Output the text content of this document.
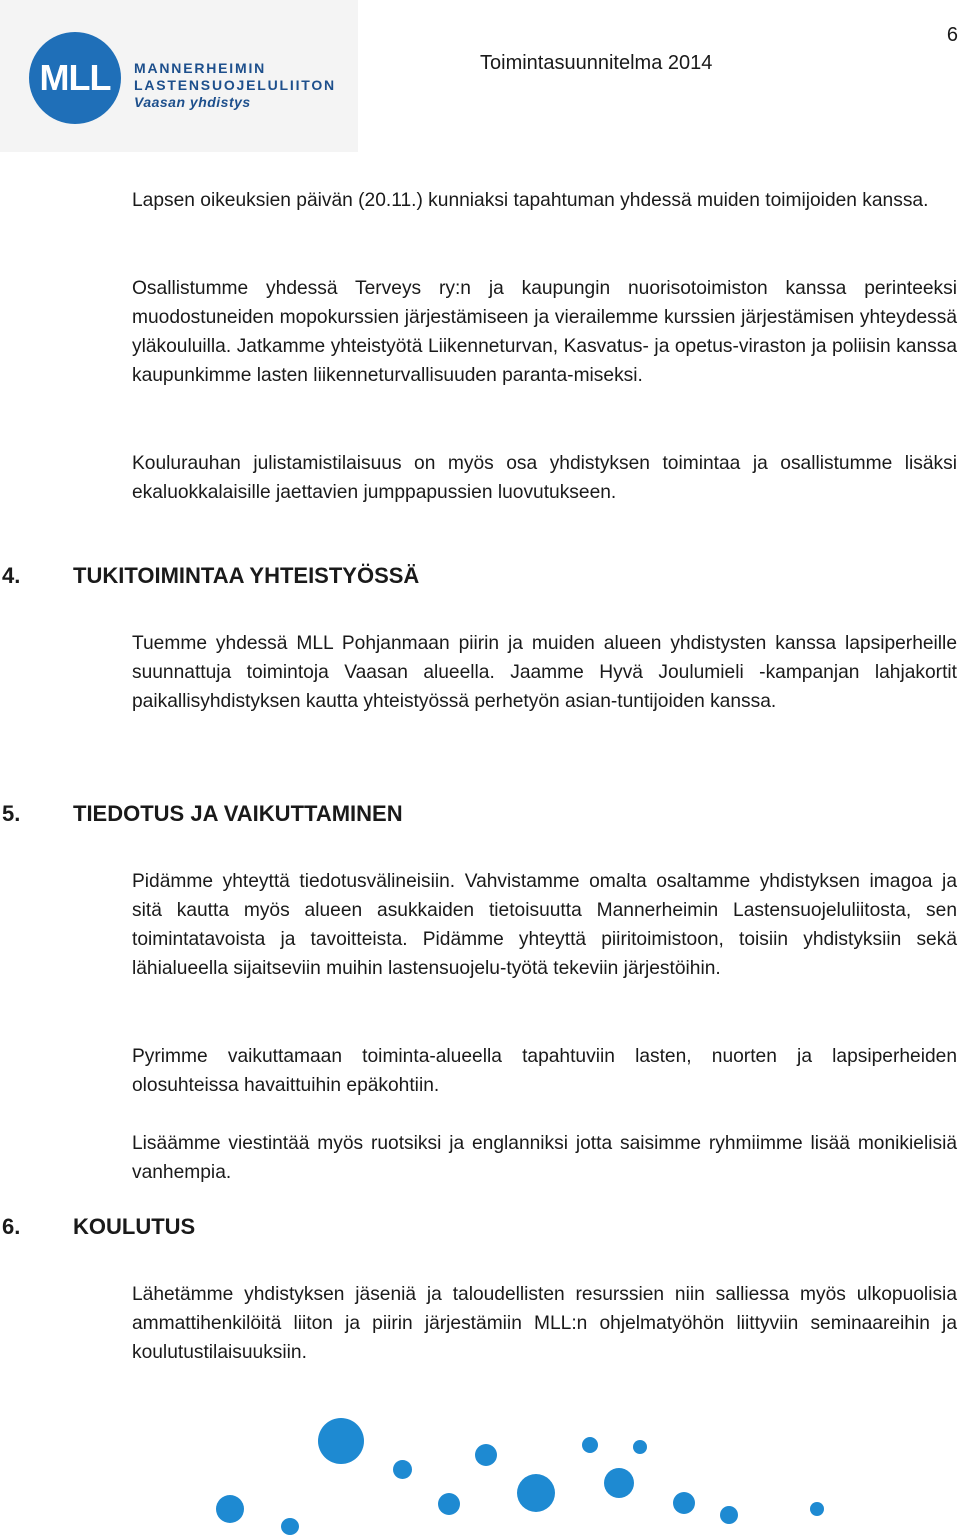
MLL	MANNERHEIMIN
LASTENSUOJELULIITON
Vaasan yhdistys
6
Toimintasuunnitelma 2014

Lapsen oikeuksien päivän (20.11.) kunniaksi tapahtuman yhdessä muiden toimijoiden kanssa.

Osallistumme yhdessä Terveys ry:n ja kaupungin nuorisotoimiston kanssa perinteeksi muodostuneiden mopokurssien järjestämiseen ja vierailemme kurssien järjestämisen yhteydessä yläkouluilla. Jatkamme yhteistyötä Liikenneturvan, Kasvatus- ja opetus-viraston ja poliisin kanssa kaupunkimme lasten liikenneturvallisuuden paranta-miseksi.

Koulurauhan julistamistilaisuus on myös osa yhdistyksen toimintaa ja osallistumme lisäksi ekaluokkalaisille jaettavien jumppapussien luovutukseen.

4. TUKITOIMINTAA YHTEISTYÖSSÄ

Tuemme yhdessä MLL Pohjanmaan piirin ja muiden alueen yhdistysten kanssa lapsiperheille suunnattuja toimintoja Vaasan alueella. Jaamme Hyvä Joulumieli -kampanjan lahjakortit paikallisyhdistyksen kautta yhteistyössä perhetyön asian-tuntijoiden kanssa.

5. TIEDOTUS JA VAIKUTTAMINEN

Pidämme yhteyttä tiedotusvälineisiin. Vahvistamme omalta osaltamme yhdistyksen imagoa ja sitä kautta myös alueen asukkaiden tietoisuutta Mannerheimin Lastensuojeluliitosta, sen toimintatavoista ja tavoitteista. Pidämme yhteyttä piiritoimistoon, toisiin yhdistyksiin sekä lähialueella sijaitseviin muihin lastensuojelu-työtä tekeviin järjestöihin.

Pyrimme vaikuttamaan toiminta-alueella tapahtuviin lasten, nuorten ja lapsiperheiden olosuhteissa havaittuihin epäkohtiin.

Lisäämme viestintää myös ruotsiksi ja englanniksi jotta saisimme ryhmiimme lisää monikielisiä vanhempia.

6. KOULUTUS

Lähetämme yhdistyksen jäseniä ja taloudellisten resurssien niin salliessa myös ulkopuolisia ammattihenkilöitä liiton ja piirin järjestämiin MLL:n ohjelmatyöhön liittyviin seminaareihin ja koulutustilaisuuksiin.
